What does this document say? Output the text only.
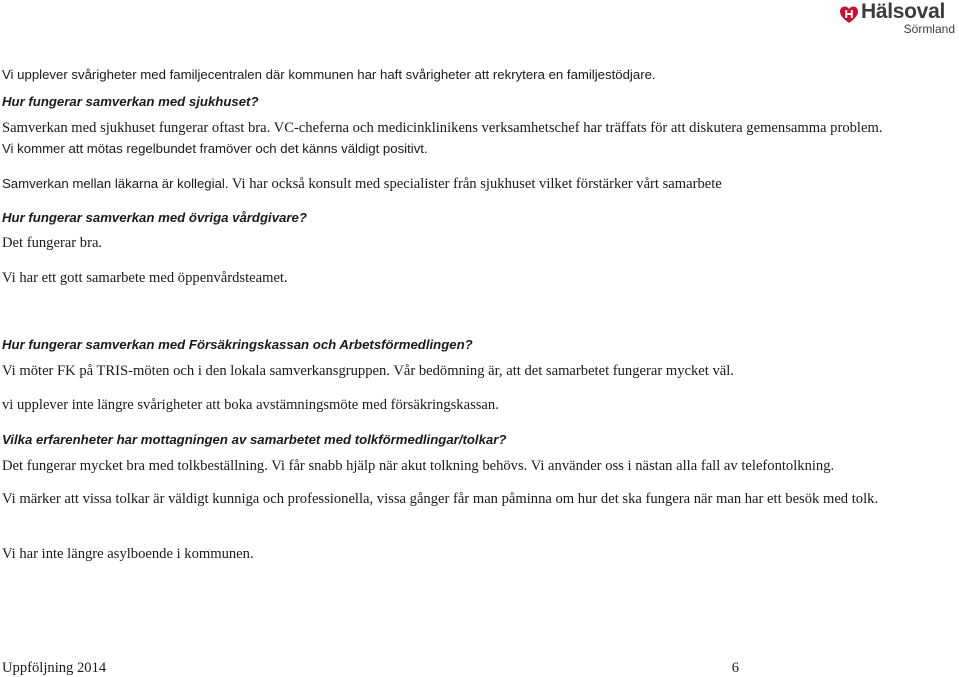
Hälsoval
Sörmland
Vi upplever svårigheter med familjecentralen där kommunen har haft svårigheter att rekrytera en familjestödjare.
Hur fungerar samverkan med sjukhuset?
Samverkan med sjukhuset fungerar oftast bra. VC-cheferna och medicinklinikens verksamhetschef har träffats för att diskutera gemensamma problem.
Vi kommer att mötas regelbundet framöver och det känns väldigt positivt.
Samverkan mellan läkarna är kollegial. Vi har också konsult med specialister från sjukhuset vilket förstärker vårt samarbete
Hur fungerar samverkan med övriga vårdgivare?
Det fungerar bra.
Vi har ett gott samarbete med öppenvårdsteamet.
Hur fungerar samverkan med Försäkringskassan och Arbetsförmedlingen?
Vi möter FK på TRIS-möten och i den lokala samverkansgruppen. Vår bedömning är, att det samarbetet fungerar mycket väl.
vi upplever inte längre svårigheter att boka avstämningsmöte med försäkringskassan.
Vilka erfarenheter har mottagningen av samarbetet med tolkförmedlingar/tolkar?
Det fungerar mycket bra med tolkbeställning. Vi får snabb hjälp när akut tolkning behövs. Vi använder oss i nästan alla fall av telefontolkning.
Vi märker att vissa tolkar är väldigt kunniga och professionella, vissa gånger får man påminna om hur det ska fungera när man har ett besök med tolk.
Vi har inte längre asylboende i kommunen.
Uppföljning 2014	6
